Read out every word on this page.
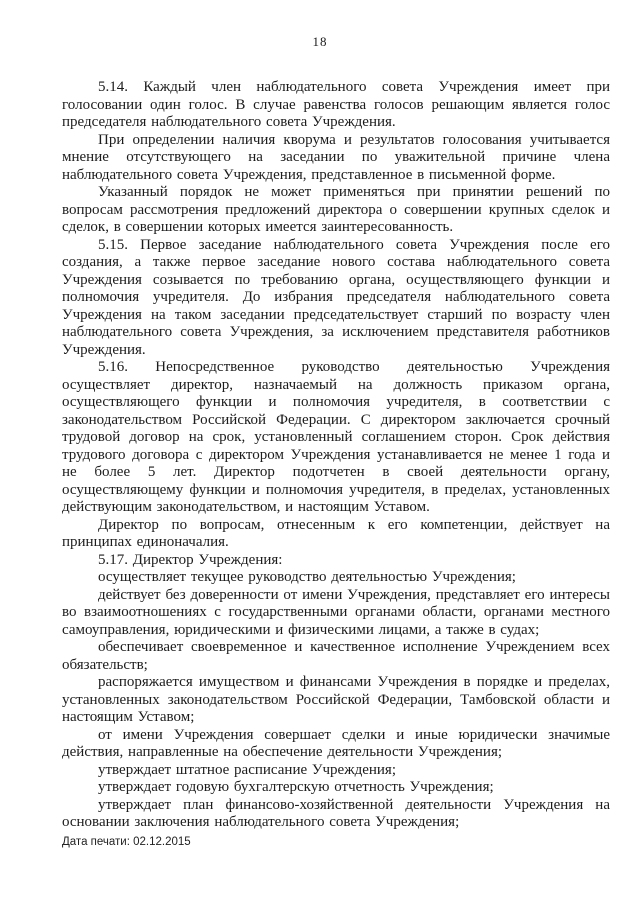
18

5.14. Каждый член наблюдательного совета Учреждения имеет при голосовании один голос. В случае равенства голосов решающим является голос председателя наблюдательного совета Учреждения.

При определении наличия кворума и результатов голосования учитывается мнение отсутствующего на заседании по уважительной причине члена наблюдательного совета Учреждения, представленное в письменной форме.

Указанный порядок не может применяться при принятии решений по вопросам рассмотрения предложений директора о совершении крупных сделок и сделок, в совершении которых имеется заинтересованность.

5.15. Первое заседание наблюдательного совета Учреждения после его создания, а также первое заседание нового состава наблюдательного совета Учреждения созывается по требованию органа, осуществляющего функции и полномочия учредителя. До избрания председателя наблюдательного совета Учреждения на таком заседании председательствует старший по возрасту член наблюдательного совета Учреждения, за исключением представителя работников Учреждения.

5.16. Непосредственное руководство деятельностью Учреждения осуществляет директор, назначаемый на должность приказом органа, осуществляющего функции и полномочия учредителя, в соответствии с законодательством Российской Федерации. С директором заключается срочный трудовой договор на срок, установленный соглашением сторон. Срок действия трудового договора с директором Учреждения устанавливается не менее 1 года и не более 5 лет. Директор подотчетен в своей деятельности органу, осуществляющему функции и полномочия учредителя, в пределах, установленных действующим законодательством, и настоящим Уставом.

Директор по вопросам, отнесенным к его компетенции, действует на принципах единоначалия.

5.17. Директор Учреждения:

осуществляет текущее руководство деятельностью Учреждения;

действует без доверенности от имени Учреждения, представляет его интересы во взаимоотношениях с государственными органами области, органами местного самоуправления, юридическими и физическими лицами, а также в судах;

обеспечивает своевременное и качественное исполнение Учреждением всех обязательств;

распоряжается имуществом и финансами Учреждения в порядке и пределах, установленных законодательством Российской Федерации, Тамбовской области и настоящим Уставом;

от имени Учреждения совершает сделки и иные юридически значимые действия, направленные на обеспечение деятельности Учреждения;

утверждает штатное расписание Учреждения;

утверждает годовую бухгалтерскую отчетность Учреждения;

утверждает план финансово-хозяйственной деятельности Учреждения на основании заключения наблюдательного совета Учреждения;

Дата печати: 02.12.2015
